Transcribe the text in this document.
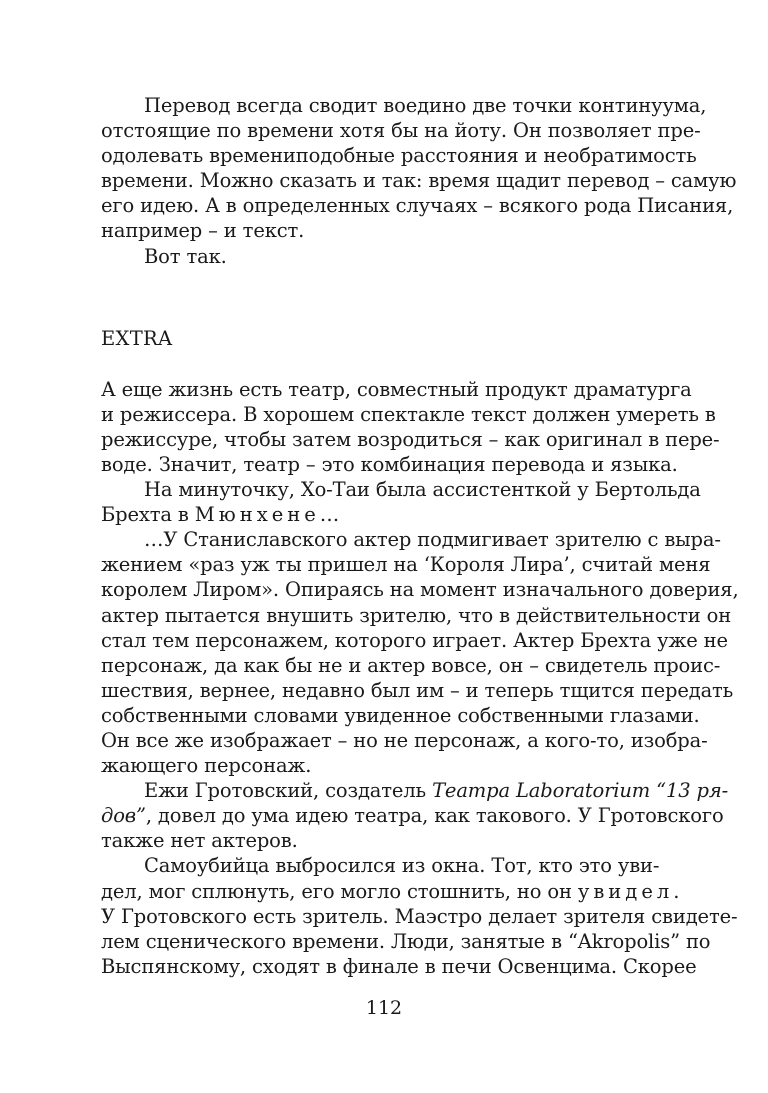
Перевод всегда сводит воедино две точки континуума,
отстоящие по времени хотя бы на йоту. Он позволяет пре-
одолевать времениподобные расстояния и необратимость
времени. Можно сказать и так: время щадит перевод – самую
его идею. А в определенных случаях – всякого рода Писания,
например – и текст.
Вот так.
EXTRA
А еще жизнь есть театр, совместный продукт драматурга
и режиссера. В хорошем спектакле текст должен умереть в
режиссуре, чтобы затем возродиться – как оригинал в пере-
воде. Значит, театр – это комбинация перевода и языка.
На минуточку, Хо-Таи была ассистенткой у Бертольда
Брехта в Мюнхене…
…У Станиславского актер подмигивает зрителю с выра-
жением «раз уж ты пришел на ‘Короля Лира’, считай меня
королем Лиром». Опираясь на момент изначального доверия,
актер пытается внушить зрителю, что в действительности он
стал тем персонажем, которого играет. Актер Брехта уже не
персонаж, да как бы не и актер вовсе, он – свидетель проис-
шествия, вернее, недавно был им – и теперь тщится передать
собственными словами увиденное собственными глазами.
Он все же изображает – но не персонаж, а кого-то, изобра-
жающего персонаж.
Ежи Гротовский, создатель Театра Laboratorium “13 ря-
дов”, довел до ума идею театра, как такового. У Гротовского
также нет актеров.
Самоубийца выбросился из окна. Тот, кто это уви-
дел, мог сплюнуть, его могло стошнить, но он увидел.
У Гротовского есть зритель. Маэстро делает зрителя свидете-
лем сценического времени. Люди, занятые в “Akropolis” по
Выспянскому, сходят в финале в печи Освенцима. Скорее
112
